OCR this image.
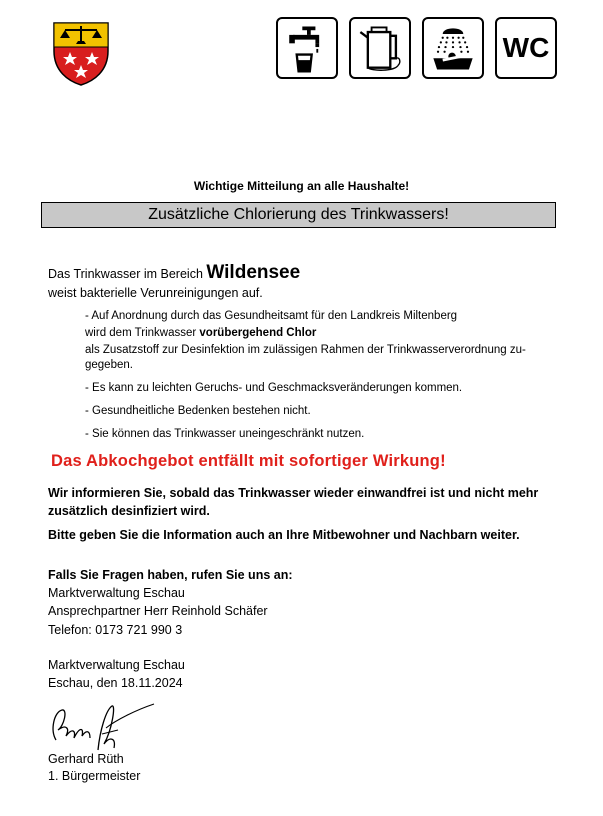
WC
Wichtige Mitteilung an alle Haushalte!
Zusätzliche Chlorierung des Trinkwassers!
Das Trinkwasser im Bereich Wildensee
weist bakterielle Verunreinigungen auf.
- Auf Anordnung durch das Gesundheitsamt für den Landkreis Miltenberg
wird dem Trinkwasser vorübergehend Chlor
als Zusatzstoff zur Desinfektion im zulässigen Rahmen der Trinkwasserverordnung zu-
gegeben.
- Es kann zu leichten Geruchs- und Geschmacksveränderungen kommen.
- Gesundheitliche Bedenken bestehen nicht.
- Sie können das Trinkwasser uneingeschränkt nutzen.
Das Abkochgebot entfällt mit sofortiger Wirkung!
Wir informieren Sie, sobald das Trinkwasser wieder einwandfrei ist und nicht mehr
zusätzlich desinfiziert wird.
Bitte geben Sie die Information auch an Ihre Mitbewohner und Nachbarn weiter.
Falls Sie Fragen haben, rufen Sie uns an:
Marktverwaltung Eschau
Ansprechpartner Herr Reinhold Schäfer
Telefon: 0173 721 990 3
Marktverwaltung Eschau
Eschau, den 18.11.2024
Gerhard Rüth
1. Bürgermeister
